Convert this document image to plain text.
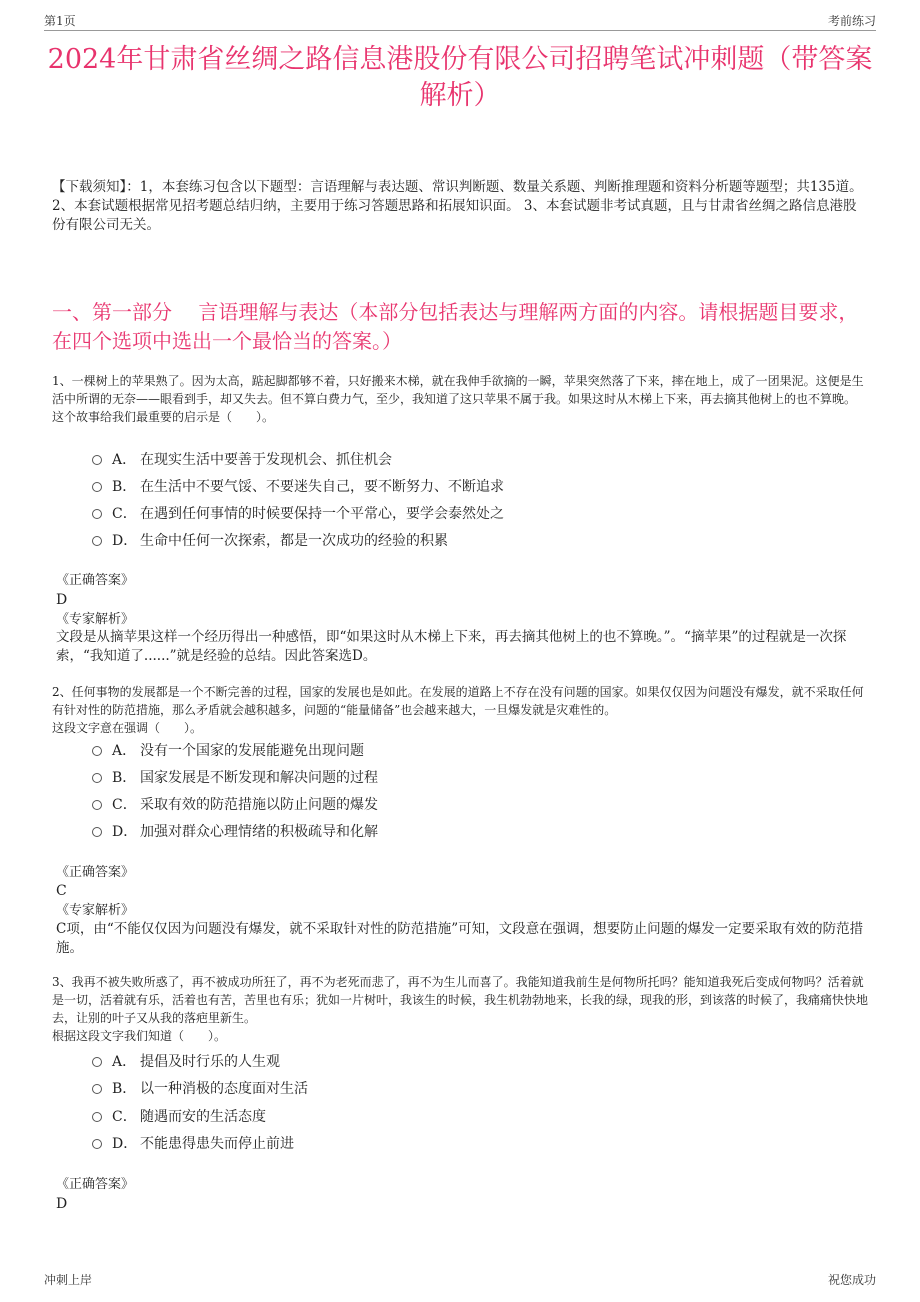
第1页	考前练习
2024年甘肃省丝绸之路信息港股份有限公司招聘笔试冲刺题（带答案解析）
【下载须知】：1，本套练习包含以下题型：言语理解与表达题、常识判断题、数量关系题、判断推理题和资料分析题等题型；共135道。 2、本套试题根据常见招考题总结归纳，主要用于练习答题思路和拓展知识面。 3、本套试题非考试真题，且与甘肃省丝绸之路信息港股份有限公司无关。
一、第一部分　 言语理解与表达（本部分包括表达与理解两方面的内容。请根据题目要求，在四个选项中选出一个最恰当的答案。）
1、一棵树上的苹果熟了。因为太高，踮起脚都够不着，只好搬来木梯，就在我伸手欲摘的一瞬，苹果突然落了下来，摔在地上，成了一团果泥。这便是生活中所谓的无奈——眼看到手，却又失去。但不算白费力气，至少，我知道了这只苹果不属于我。如果这时从木梯上下来，再去摘其他树上的也不算晚。
这个故事给我们最重要的启示是（　　）。
A． 在现实生活中要善于发现机会、抓住机会
B． 在生活中不要气馁、不要迷失自己，要不断努力、不断追求
C． 在遇到任何事情的时候要保持一个平常心，要学会泰然处之
D． 生命中任何一次探索，都是一次成功的经验的积累
《正确答案》
D
《专家解析》
文段是从摘苹果这样一个经历得出一种感悟，即“如果这时从木梯上下来，再去摘其他树上的也不算晚。”。“摘苹果”的过程就是一次探索，“我知道了......”就是经验的总结。因此答案选D。
2、任何事物的发展都是一个不断完善的过程，国家的发展也是如此。在发展的道路上不存在没有问题的国家。如果仅仅因为问题没有爆发，就不采取任何有针对性的防范措施，那么矛盾就会越积越多，问题的“能量储备”也会越来越大，一旦爆发就是灾难性的。
这段文字意在强调（　　）。
A． 没有一个国家的发展能避免出现问题
B． 国家发展是不断发现和解决问题的过程
C． 采取有效的防范措施以防止问题的爆发
D． 加强对群众心理情绪的积极疏导和化解
《正确答案》
C
《专家解析》
C项，由“不能仅仅因为问题没有爆发，就不采取针对性的防范措施”可知，文段意在强调，想要防止问题的爆发一定要采取有效的防范措施。
3、我再不被失败所惑了，再不被成功所狂了，再不为老死而悲了，再不为生儿而喜了。我能知道我前生是何物所托吗？能知道我死后变成何物吗？活着就是一切，活着就有乐，活着也有苦，苦里也有乐；犹如一片树叶，我该生的时候，我生机勃勃地来，长我的绿，现我的形，到该落的时候了，我痛痛快快地去，让别的叶子又从我的落疤里新生。
根据这段文字我们知道（　　）。
A． 提倡及时行乐的人生观
B． 以一种消极的态度面对生活
C． 随遇而安的生活态度
D． 不能患得患失而停止前进
《正确答案》
D
冲刺上岸	祝您成功
